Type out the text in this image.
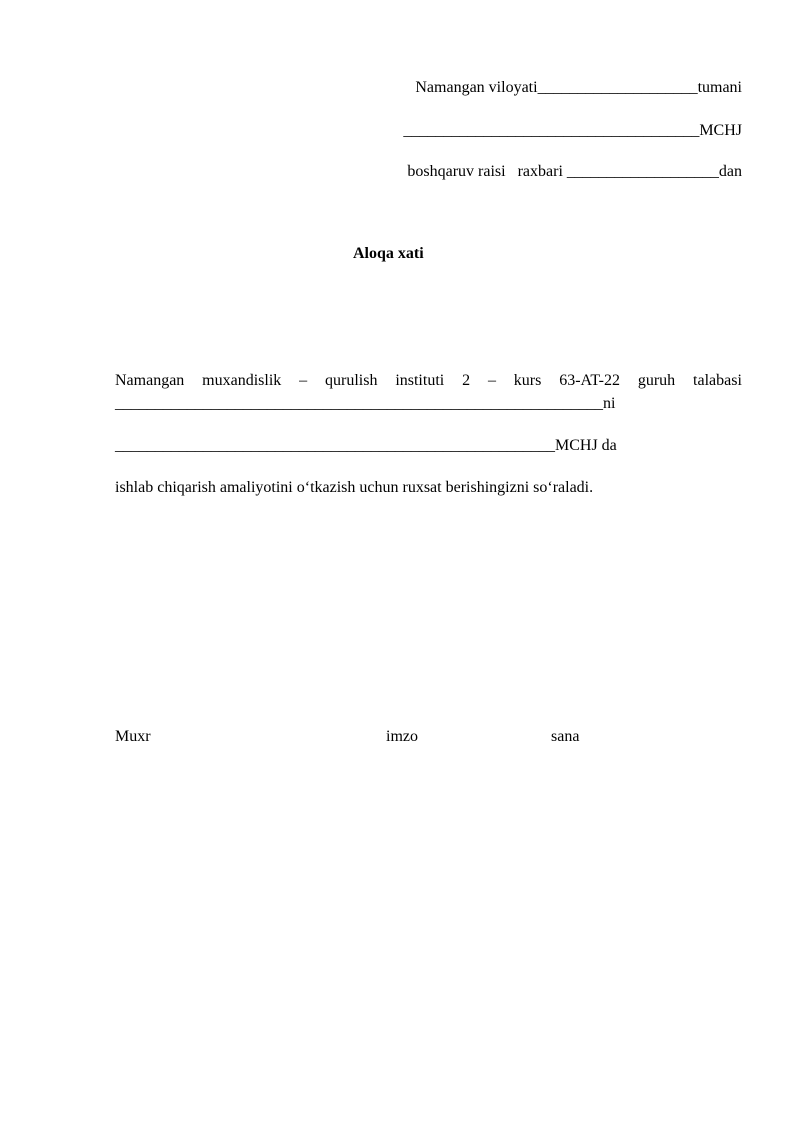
Namangan viloyati____________________tumani
_____________________________________MCHJ
boshqaruv raisi   raxbari ___________________dan
Aloqa xati
Namangan muxandislik – qurulish instituti 2 – kurs 63-AT-22 guruh talabasi
_____________________________________________________________ni
_______________________________________________________MCHJ da
ishlab chiqarish amaliyotini o‘tkazish uchun ruxsat berishingizni so‘raladi.
Muxr	imzo	sana
